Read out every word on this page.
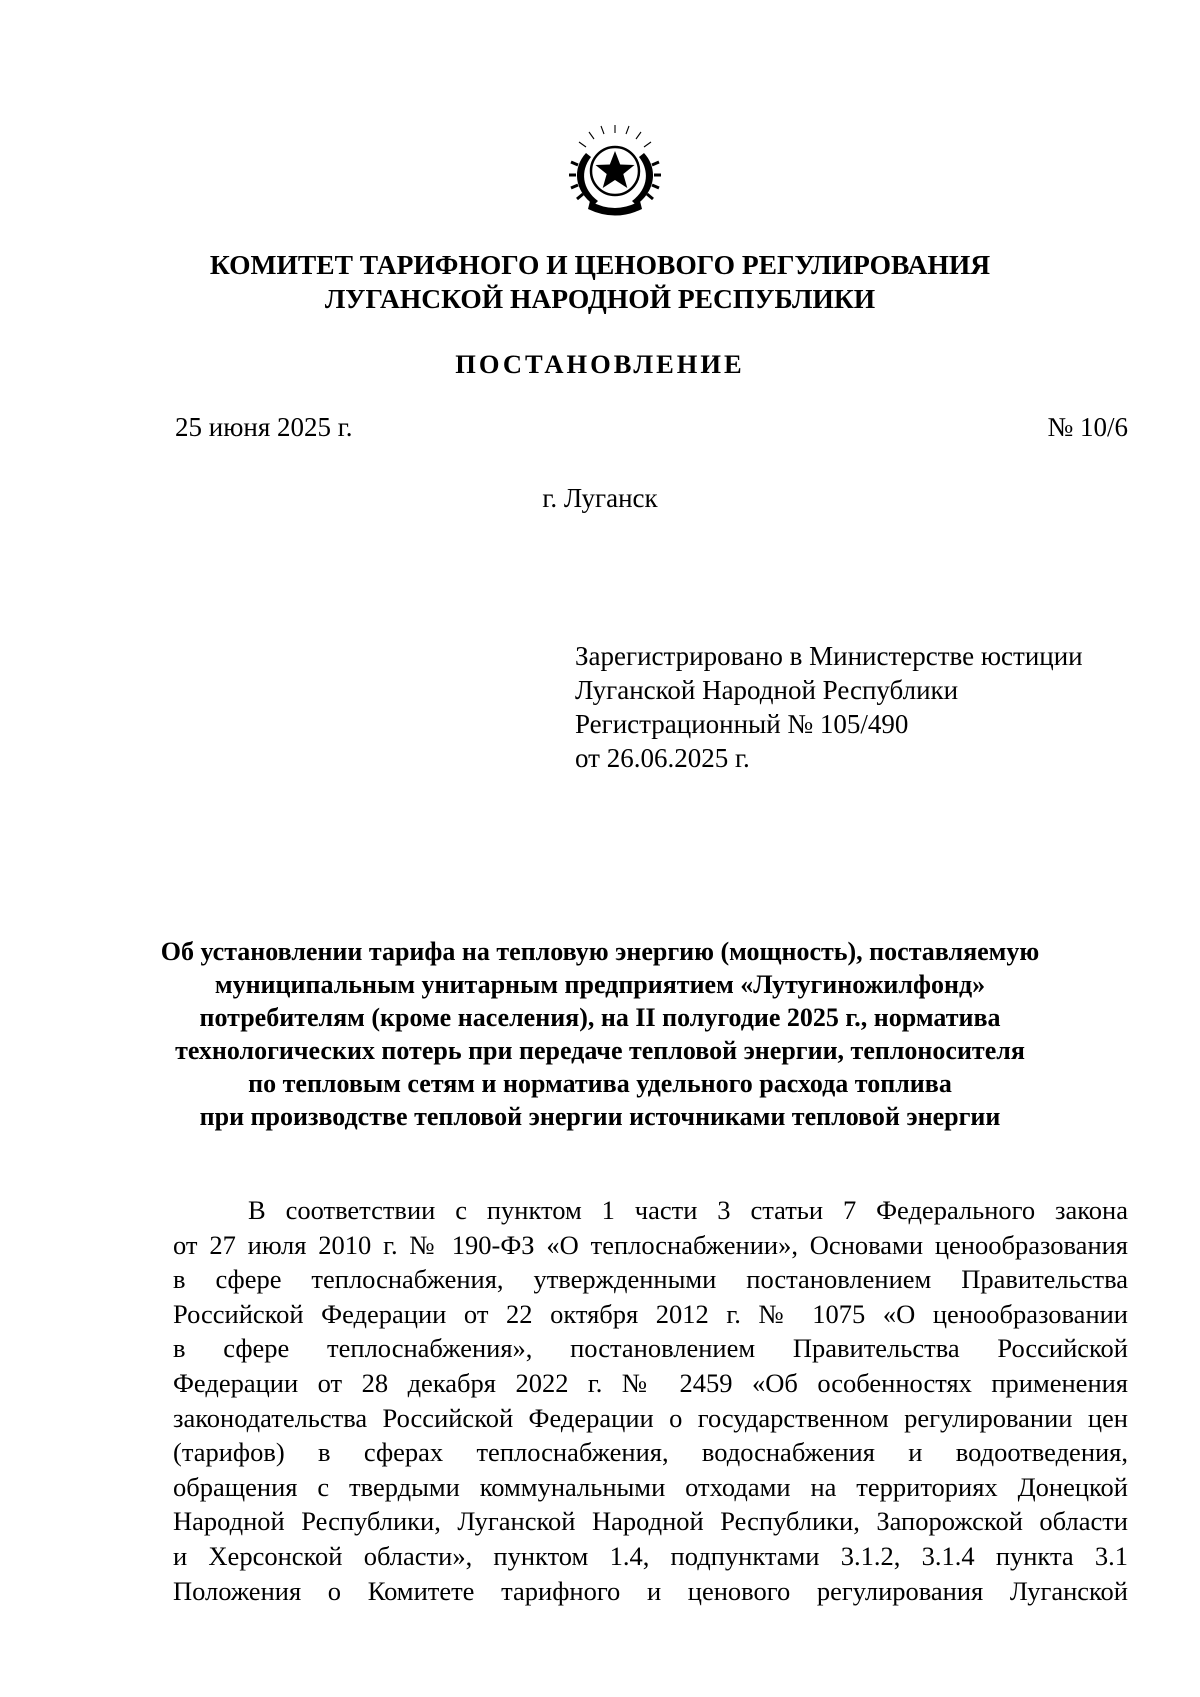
КОМИТЕТ ТАРИФНОГО И ЦЕНОВОГО РЕГУЛИРОВАНИЯ
ЛУГАНСКОЙ НАРОДНОЙ РЕСПУБЛИКИ
ПОСТАНОВЛЕНИЕ
25 июня 2025 г.	№ 10/6
г. Луганск
Зарегистрировано в Министерстве юстиции
Луганской Народной Республики
Регистрационный № 105/490
от 26.06.2025 г.
Об установлении тарифа на тепловую энергию (мощность), поставляемую
муниципальным унитарным предприятием «Лутугиножилфонд»
потребителям (кроме населения), на II полугодие 2025 г., норматива
технологических потерь при передаче тепловой энергии, теплоносителя
по тепловым сетям и норматива удельного расхода топлива
при производстве тепловой энергии источниками тепловой энергии
В соответствии с пунктом 1 части 3 статьи 7 Федерального закона
от 27 июля 2010 г. № 190-ФЗ «О теплоснабжении», Основами ценообразования
в сфере теплоснабжения, утвержденными постановлением Правительства
Российской Федерации от 22 октября 2012 г. № 1075 «О ценообразовании
в сфере теплоснабжения», постановлением Правительства Российской
Федерации от 28 декабря 2022 г. № 2459 «Об особенностях применения
законодательства Российской Федерации о государственном регулировании цен
(тарифов) в сферах теплоснабжения, водоснабжения и водоотведения,
обращения с твердыми коммунальными отходами на территориях Донецкой
Народной Республики, Луганской Народной Республики, Запорожской области
и Херсонской области», пунктом 1.4, подпунктами 3.1.2, 3.1.4 пункта 3.1
Положения о Комитете тарифного и ценового регулирования Луганской
